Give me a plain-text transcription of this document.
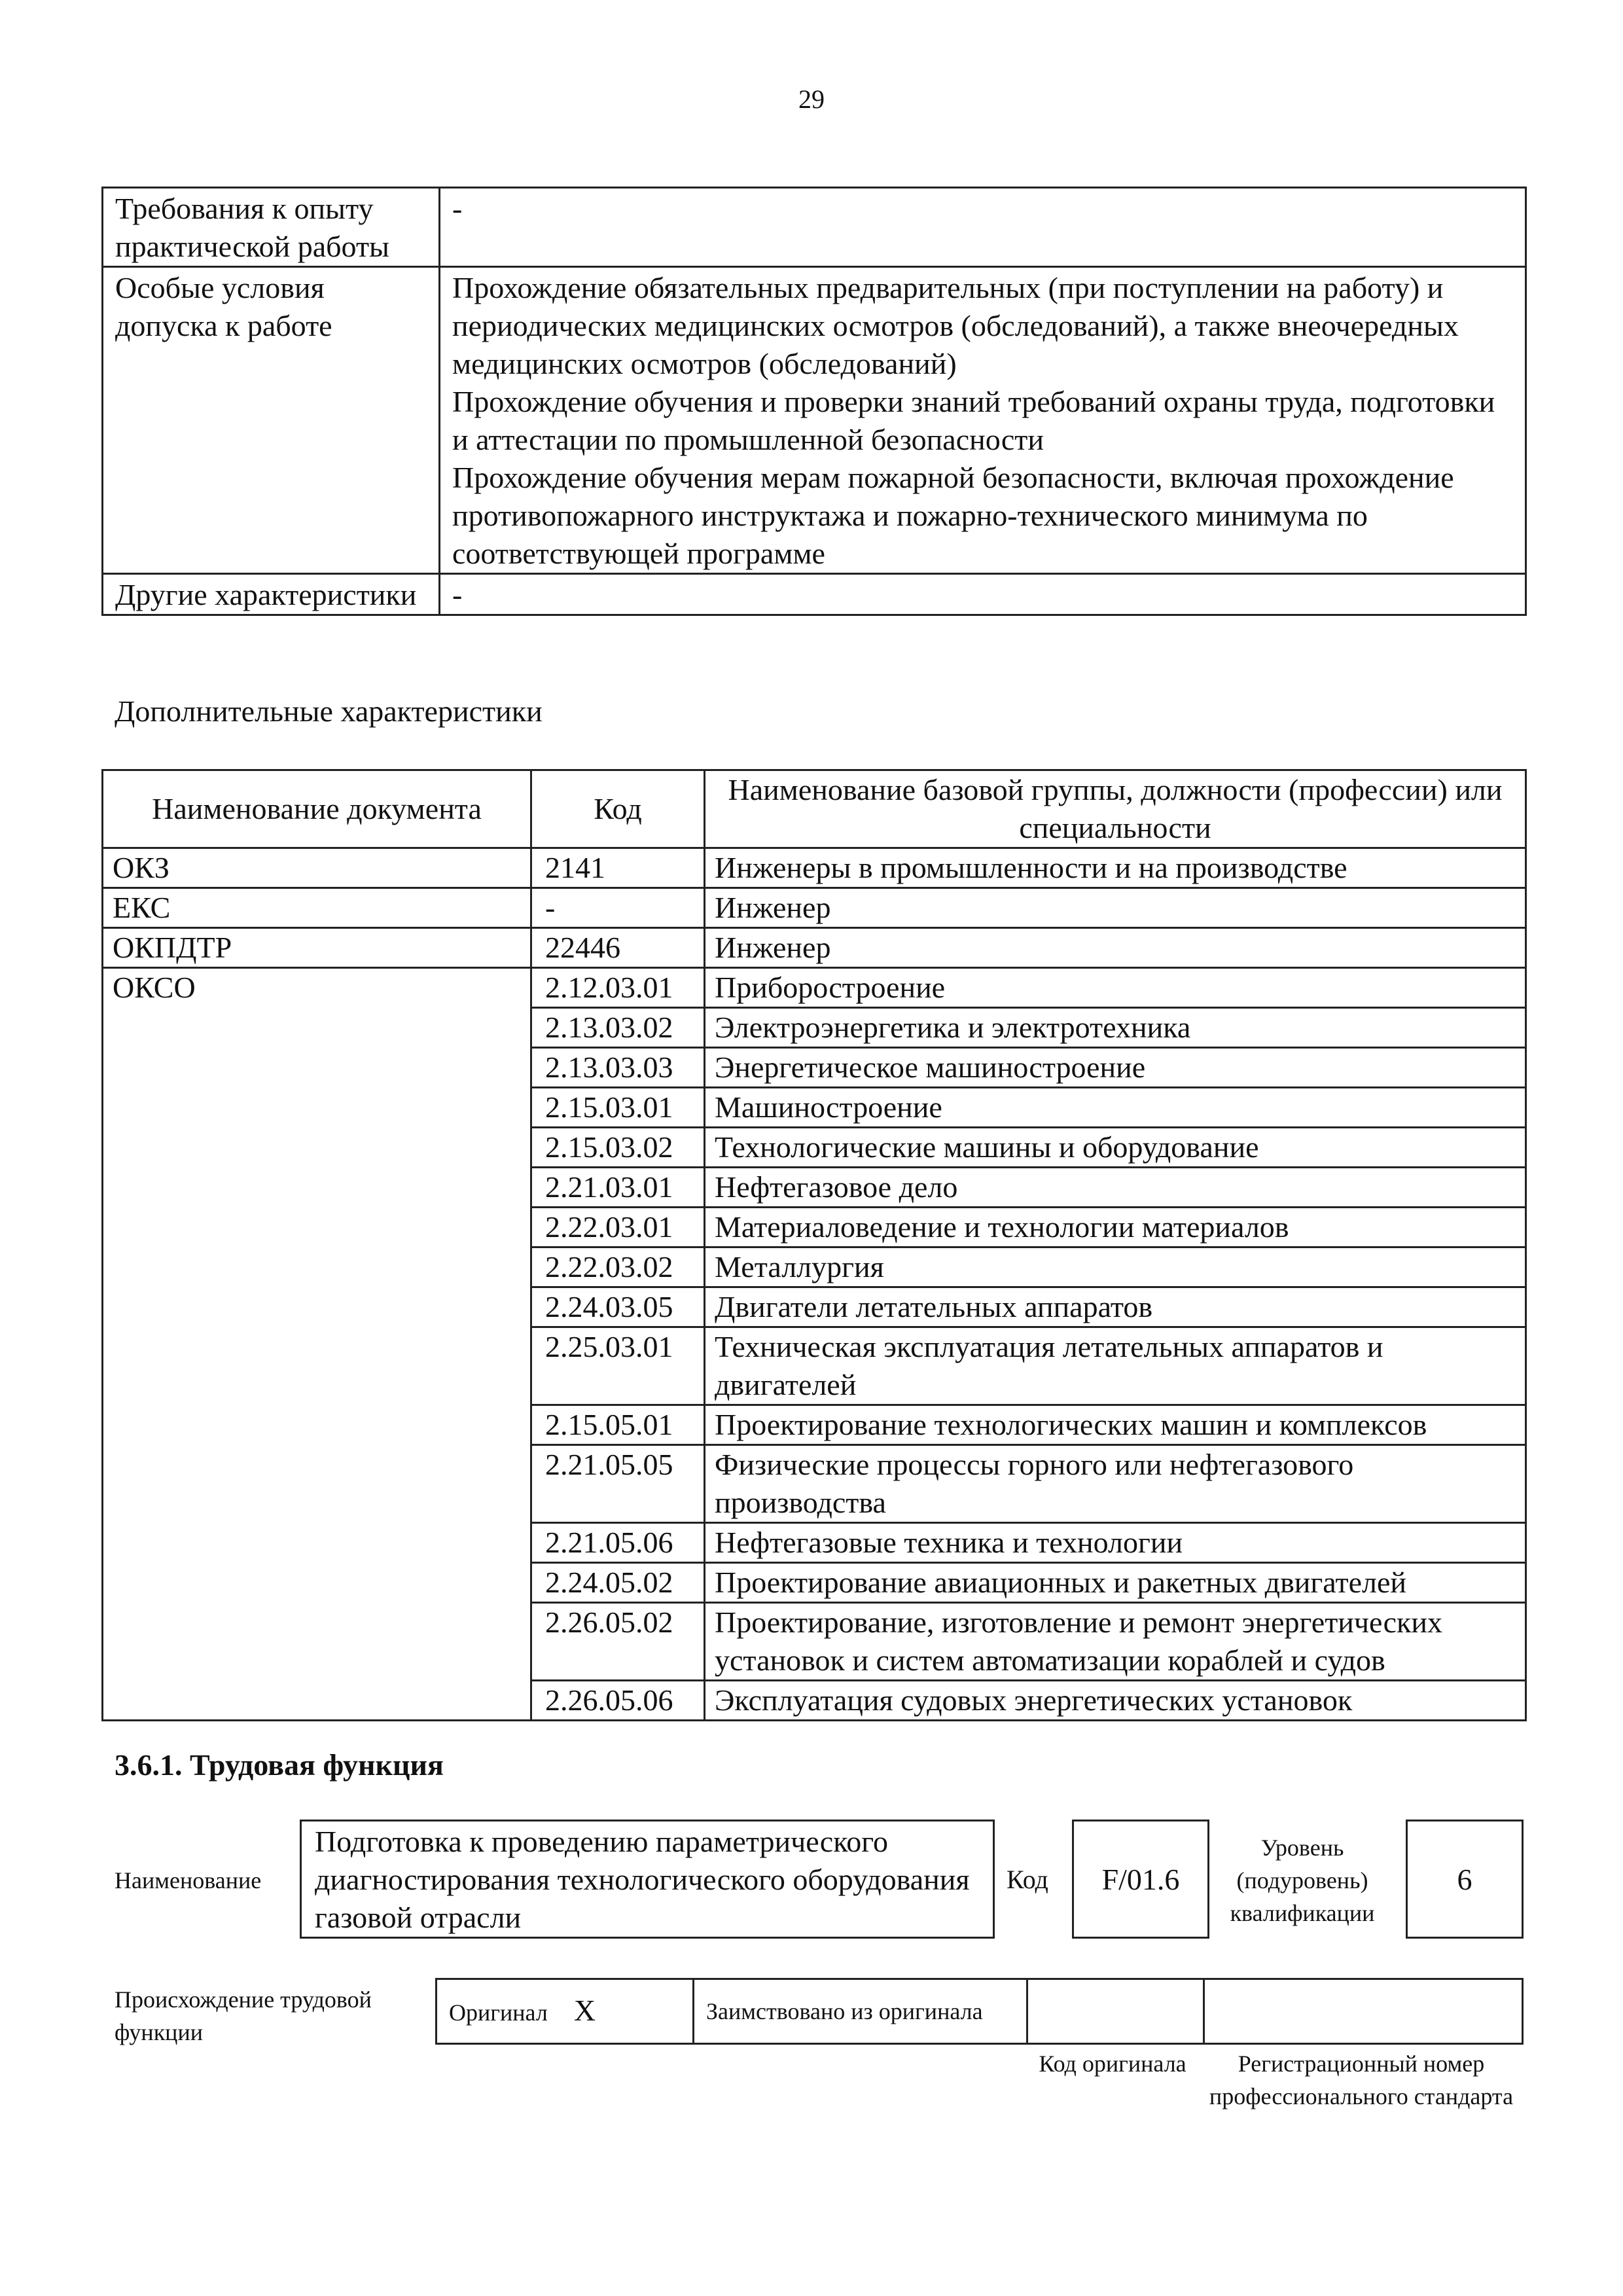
29
Требования к опыту практической работы	-
Особые условия допуска к работе	Прохождение обязательных предварительных (при поступлении на работу) и периодических медицинских осмотров (обследований), а также внеочередных медицинских осмотров (обследований)
Прохождение обучения и проверки знаний требований охраны труда, подготовки и аттестации по промышленной безопасности
Прохождение обучения мерам пожарной безопасности, включая прохождение противопожарного инструктажа и пожарно-технического минимума по соответствующей программе

Другие характеристики	-
Дополнительные характеристики
Наименование документа	Код	Наименование базовой группы, должности (профессии) или специальности
ОКЗ	2141	Инженеры в промышленности и на производстве
ЕКС	-	Инженер
ОКПДТР	22446	Инженер
ОКСО	2.12.03.01	Приборостроение
	2.13.03.02	Электроэнергетика и электротехника
	2.13.03.03	Энергетическое машиностроение
	2.15.03.01	Машиностроение
	2.15.03.02	Технологические машины и оборудование
	2.21.03.01	Нефтегазовое дело
	2.22.03.01	Материаловедение и технологии материалов
	2.22.03.02	Металлургия
	2.24.03.05	Двигатели летательных аппаратов
	2.25.03.01	Техническая эксплуатация летательных аппаратов и двигателей
	2.15.05.01	Проектирование технологических машин и комплексов
	2.21.05.05	Физические процессы горного или нефтегазового производства
	2.21.05.06	Нефтегазовые техника и технологии
	2.24.05.02	Проектирование авиационных и ракетных двигателей
	2.26.05.02	Проектирование, изготовление и ремонт энергетических установок и систем автоматизации кораблей и судов
	2.26.05.06	Эксплуатация судовых энергетических установок
3.6.1. Трудовая функция
Наименование
Подготовка к проведению параметрического диагностирования технологического оборудования газовой отрасли
Код	F/01.6
Уровень (подуровень) квалификации
6
Происхождение трудовой функции
Оригинал X	Заимствовано из оригинала		
Код оригинала	Регистрационный номер профессионального стандарта
